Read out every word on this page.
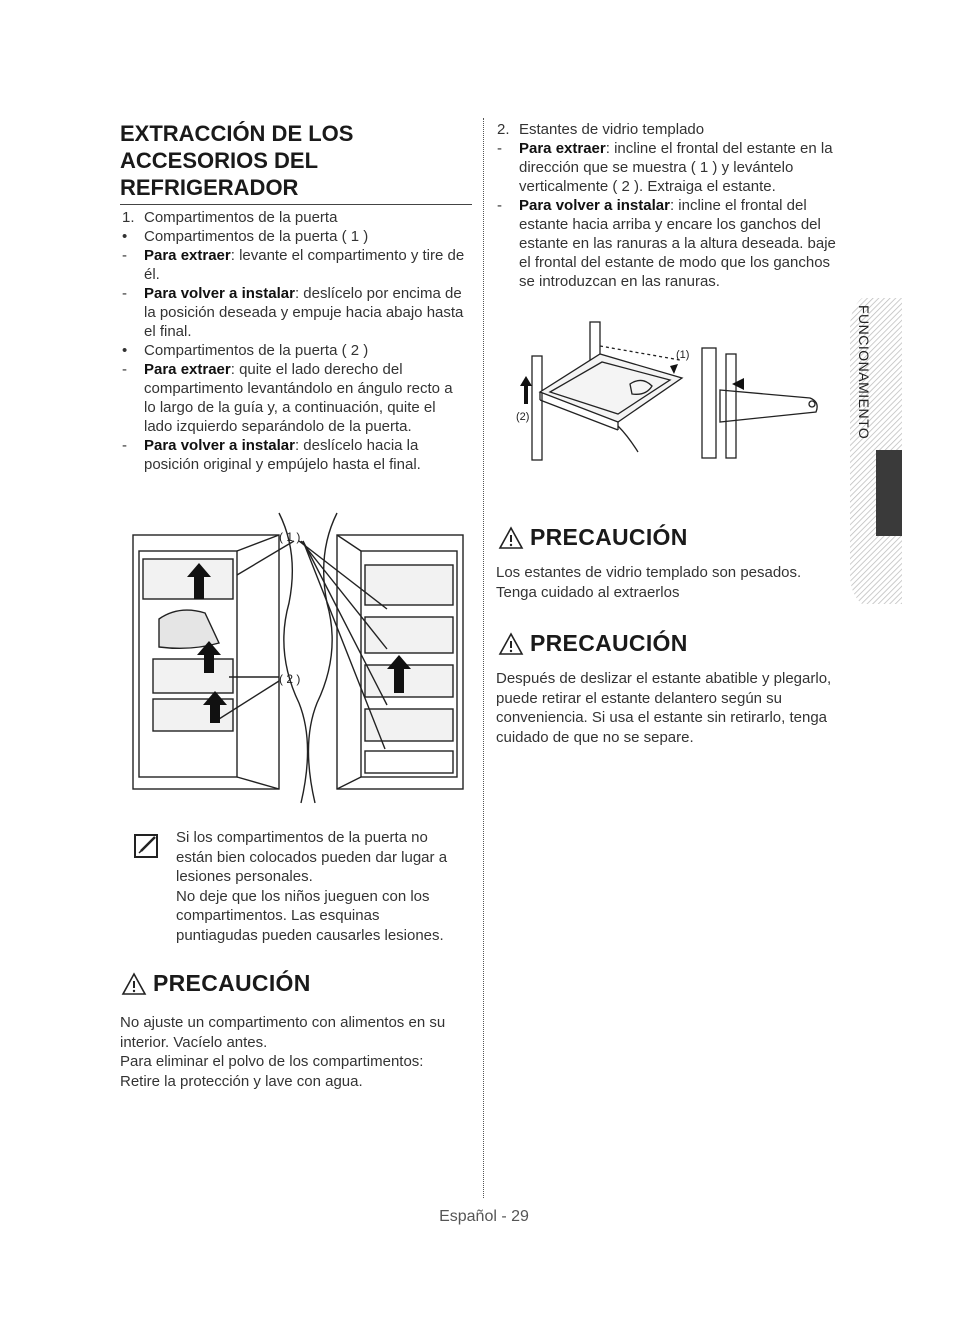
EXTRACCIÓN DE LOS
ACCESORIOS DEL
REFRIGERADOR
1. Compartimentos de la puerta
•	Compartimentos de la puerta ( 1 )
-	Para extraer: levante el compartimento y tire de él.
-	Para volver a instalar: deslícelo por encima de la posición deseada y empuje hacia abajo hasta el final.
•	Compartimentos de la puerta ( 2 )
-	Para extraer: quite el lado derecho del compartimento levantándolo en ángulo recto a lo largo de la guía y, a continuación, quite el lado izquierdo separándolo de la puerta.
-	Para volver a instalar: deslícelo hacia la posición original y empújelo hasta el final.
( 1 )
( 2 )
Si los compartimentos de la puerta no están bien colocados pueden dar lugar a lesiones personales.
No deje que los niños jueguen con los compartimentos. Las esquinas puntiagudas pueden causarles lesiones.
PRECAUCIÓN
No ajuste un compartimento con alimentos en su interior. Vacíelo antes.
Para eliminar el polvo de los compartimentos:
Retire la protección y lave con agua.
2. Estantes de vidrio templado
-	Para extraer: incline el frontal del estante en la dirección que se muestra ( 1 ) y levántelo verticalmente ( 2 ). Extraiga el estante.
-	Para volver a instalar: incline el frontal del estante hacia arriba y encare los ganchos del estante en las ranuras a la altura deseada. baje el frontal del estante de modo que los ganchos se introduzcan en las ranuras.
(1)
(2)
PRECAUCIÓN
Los estantes de vidrio templado son pesados. Tenga cuidado al extraerlos
PRECAUCIÓN
Después de deslizar el estante abatible y plegarlo, puede retirar el estante delantero según su conveniencia. Si usa el estante sin retirarlo, tenga cuidado de que no se separe.
FUNCIONAMIENTO
Español - 29
